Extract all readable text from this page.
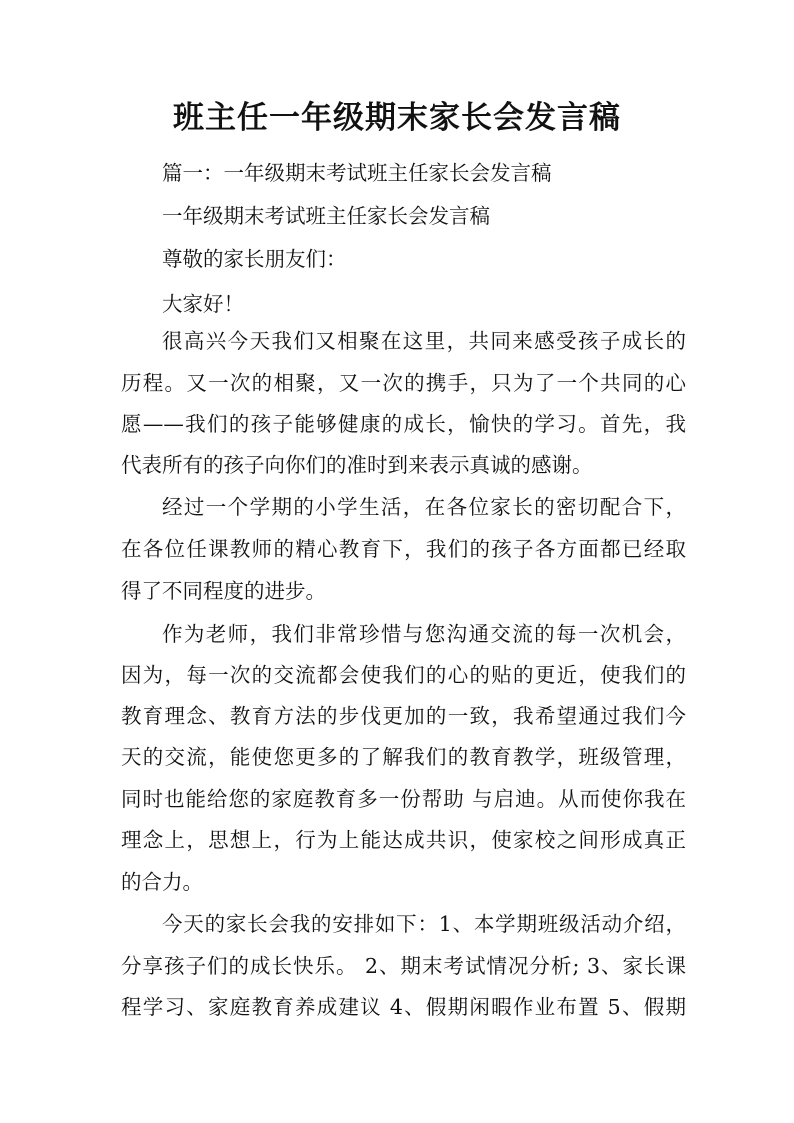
班主任一年级期末家长会发言稿
篇一：一年级期末考试班主任家长会发言稿
一年级期末考试班主任家长会发言稿
尊敬的家长朋友们：
大家好！
很高兴今天我们又相聚在这里，共同来感受孩子成长的
历程。又一次的相聚，又一次的携手，只为了一个共同的心
愿——我们的孩子能够健康的成长，愉快的学习。首先，我
代表所有的孩子向你们的准时到来表示真诚的感谢。
经过一个学期的小学生活，在各位家长的密切配合下，
在各位任课教师的精心教育下，我们的孩子各方面都已经取
得了不同程度的进步。
作为老师，我们非常珍惜与您沟通交流的每一次机会，
因为，每一次的交流都会使我们的心的贴的更近，使我们的
教育理念、教育方法的步伐更加的一致，我希望通过我们今
天的交流，能使您更多的了解我们的教育教学，班级管理，
同时也能给您的家庭教育多一份帮助 与启迪。从而使你我在
理念上，思想上，行为上能达成共识，使家校之间形成真正
的合力。
今天的家长会我的安排如下：1、本学期班级活动介绍，
分享孩子们的成长快乐。 2、期末考试情况分析; 3、家长课
程学习、家庭教育养成建议 4、假期闲暇作业布置 5、假期
